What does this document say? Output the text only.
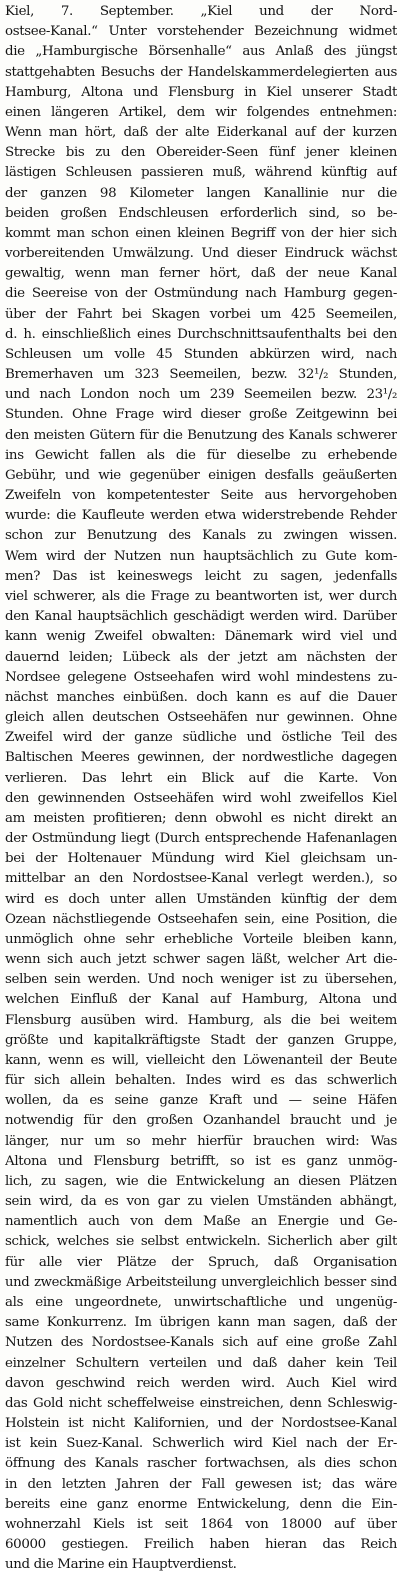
Kiel, 7. September. „Kiel und der Nord-
ostsee-Kanal.“ Unter vorstehender Bezeichnung widmet
die „Hamburgische Börsenhalle“ aus Anlaß des jüngst
stattgehabten Besuchs der Handelskammerdelegierten aus
Hamburg, Altona und Flensburg in Kiel unserer Stadt
einen längeren Artikel, dem wir folgendes entnehmen:
Wenn man hört, daß der alte Eiderkanal auf der kurzen
Strecke bis zu den Obereider-Seen fünf jener kleinen
lästigen Schleusen passieren muß, während künftig auf
der ganzen 98 Kilometer langen Kanallinie nur die
beiden großen Endschleusen erforderlich sind, so be-
kommt man schon einen kleinen Begriff von der hier sich
vorbereitenden Umwälzung. Und dieser Eindruck wächst
gewaltig, wenn man ferner hört, daß der neue Kanal
die Seereise von der Ostmündung nach Hamburg gegen-
über der Fahrt bei Skagen vorbei um 425 Seemeilen,
d. h. einschließlich eines Durchschnittsaufenthalts bei den
Schleusen um volle 45 Stunden abkürzen wird, nach
Bremerhaven um 323 Seemeilen, bezw. 32¹/₂ Stunden,
und nach London noch um 239 Seemeilen bezw. 23¹/₂
Stunden. Ohne Frage wird dieser große Zeitgewinn bei
den meisten Gütern für die Benutzung des Kanals schwerer
ins Gewicht fallen als die für dieselbe zu erhebende
Gebühr, und wie gegenüber einigen desfalls geäußerten
Zweifeln von kompetentester Seite aus hervorgehoben
wurde: die Kaufleute werden etwa widerstrebende Rehder
schon zur Benutzung des Kanals zu zwingen wissen.
Wem wird der Nutzen nun hauptsächlich zu Gute kom-
men? Das ist keineswegs leicht zu sagen, jedenfalls
viel schwerer, als die Frage zu beantworten ist, wer durch
den Kanal hauptsächlich geschädigt werden wird. Darüber
kann wenig Zweifel obwalten: Dänemark wird viel und
dauernd leiden; Lübeck als der jetzt am nächsten der
Nordsee gelegene Ostseehafen wird wohl mindestens zu-
nächst manches einbüßen. doch kann es auf die Dauer
gleich allen deutschen Ostseehäfen nur gewinnen. Ohne
Zweifel wird der ganze südliche und östliche Teil des
Baltischen Meeres gewinnen, der nordwestliche dagegen
verlieren. Das lehrt ein Blick auf die Karte. Von
den gewinnenden Ostseehäfen wird wohl zweifellos Kiel
am meisten profitieren; denn obwohl es nicht direkt an
der Ostmündung liegt (Durch entsprechende Hafenanlagen
bei der Holtenauer Mündung wird Kiel gleichsam un-
mittelbar an den Nordostsee-Kanal verlegt werden.), so
wird es doch unter allen Umständen künftig der dem
Ozean nächstliegende Ostseehafen sein, eine Position, die
unmöglich ohne sehr erhebliche Vorteile bleiben kann,
wenn sich auch jetzt schwer sagen läßt, welcher Art die-
selben sein werden. Und noch weniger ist zu übersehen,
welchen Einfluß der Kanal auf Hamburg, Altona und
Flensburg ausüben wird. Hamburg, als die bei weitem
größte und kapitalkräftigste Stadt der ganzen Gruppe,
kann, wenn es will, vielleicht den Löwenanteil der Beute
für sich allein behalten. Indes wird es das schwerlich
wollen, da es seine ganze Kraft und — seine Häfen
notwendig für den großen Ozanhandel braucht und je
länger, nur um so mehr hierfür brauchen wird: Was
Altona und Flensburg betrifft, so ist es ganz unmög-
lich, zu sagen, wie die Entwickelung an diesen Plätzen
sein wird, da es von gar zu vielen Umständen abhängt,
namentlich auch von dem Maße an Energie und Ge-
schick, welches sie selbst entwickeln. Sicherlich aber gilt
für alle vier Plätze der Spruch, daß Organisation
und zweckmäßige Arbeitsteilung unvergleichlich besser sind
als eine ungeordnete, unwirtschaftliche und ungenüg-
same Konkurrenz. Im übrigen kann man sagen, daß der
Nutzen des Nordostsee-Kanals sich auf eine große Zahl
einzelner Schultern verteilen und daß daher kein Teil
davon geschwind reich werden wird. Auch Kiel wird
das Gold nicht scheffelweise einstreichen, denn Schleswig-
Holstein ist nicht Kalifornien, und der Nordostsee-Kanal
ist kein Suez-Kanal. Schwerlich wird Kiel nach der Er-
öffnung des Kanals rascher fortwachsen, als dies schon
in den letzten Jahren der Fall gewesen ist; das wäre
bereits eine ganz enorme Entwickelung, denn die Ein-
wohnerzahl Kiels ist seit 1864 von 18000 auf über
60000 gestiegen. Freilich haben hieran das Reich
und die Marine ein Hauptverdienst.
